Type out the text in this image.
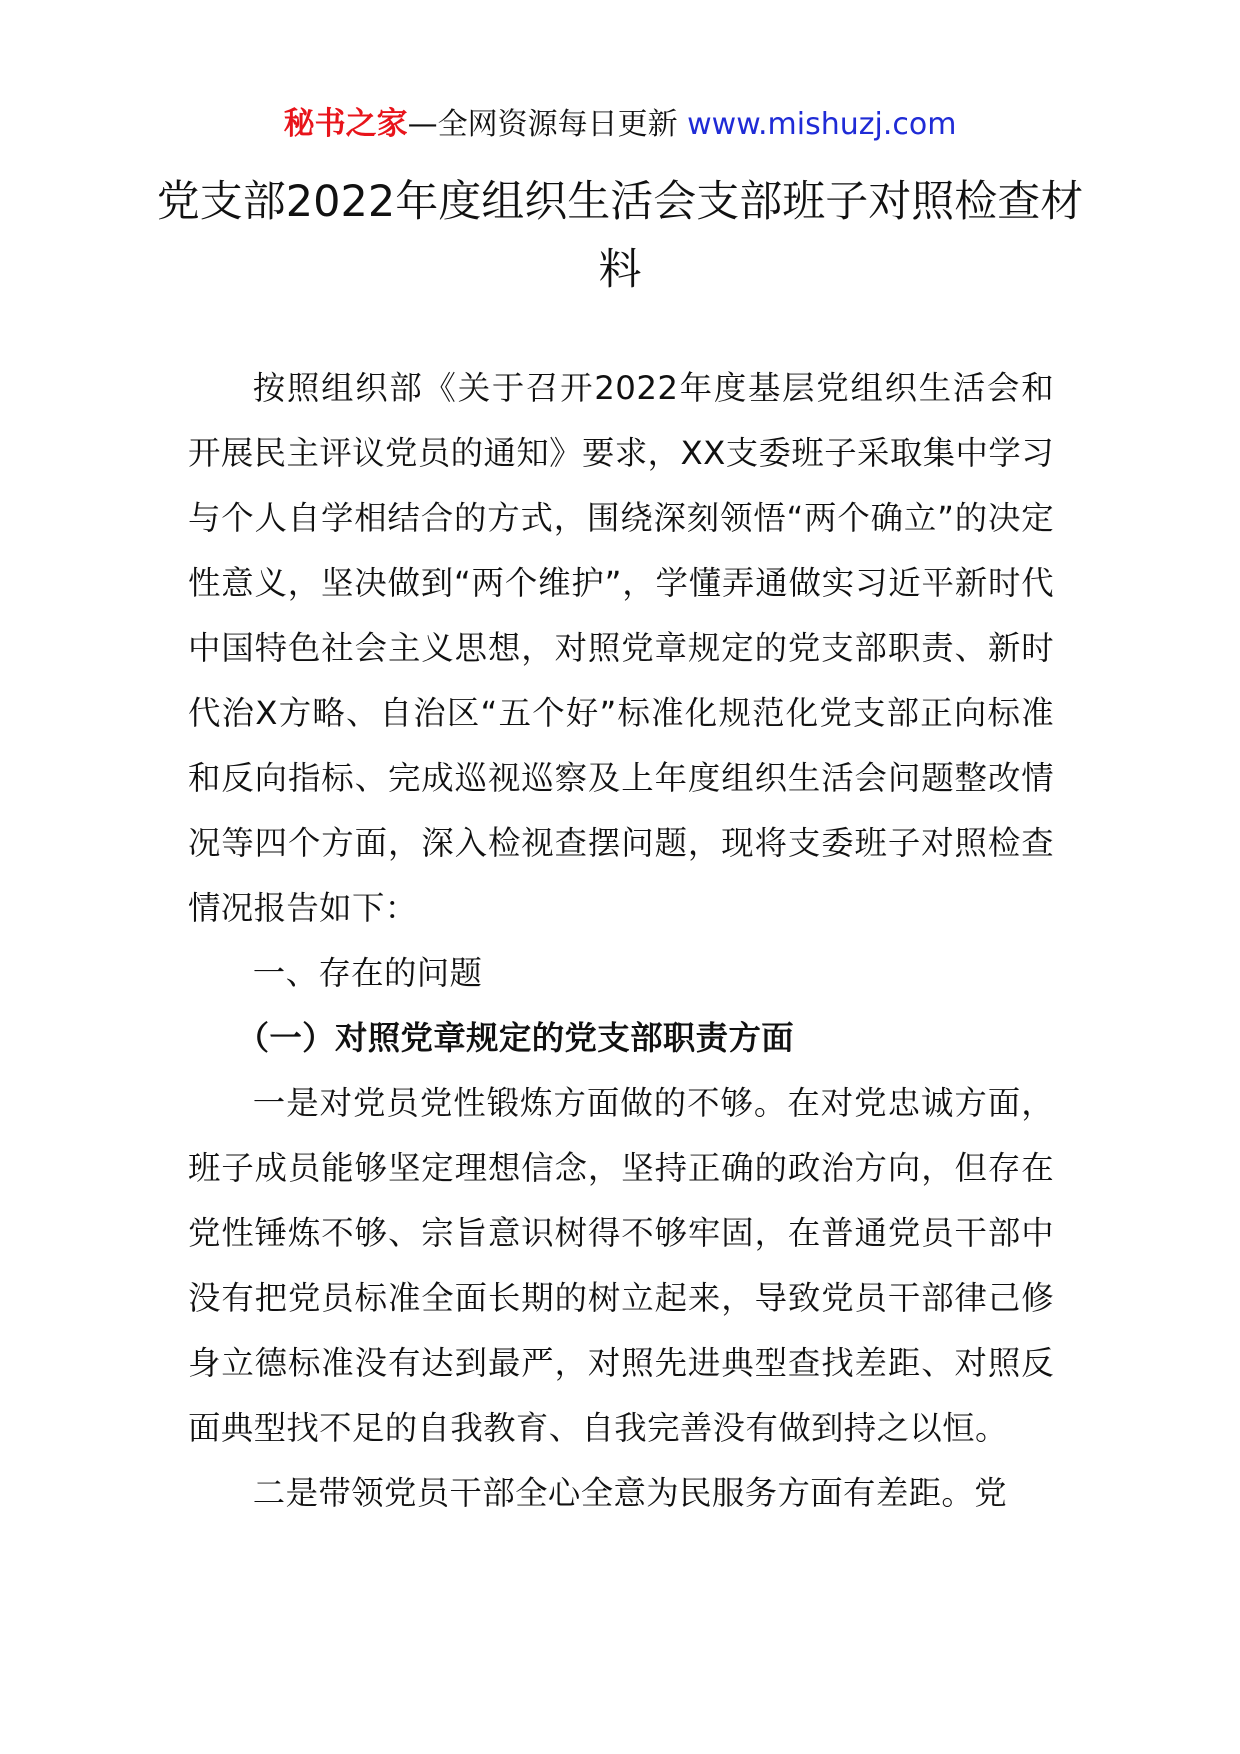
秘书之家—全网资源每日更新 www.mishuzj.com
党支部2022年度组织生活会支部班子对照检查材料

按照组织部《关于召开2022年度基层党组织生活会和开展民主评议党员的通知》要求，XX支委班子采取集中学习与个人自学相结合的方式，围绕深刻领悟“两个确立”的决定性意义，坚决做到“两个维护”，学懂弄通做实习近平新时代中国特色社会主义思想，对照党章规定的党支部职责、新时代治X方略、自治区“五个好”标准化规范化党支部正向标准和反向指标、完成巡视巡察及上年度组织生活会问题整改情况等四个方面，深入检视查摆问题，现将支委班子对照检查情况报告如下：

一、存在的问题

（一）对照党章规定的党支部职责方面

一是对党员党性锻炼方面做的不够。在对党忠诚方面，班子成员能够坚定理想信念，坚持正确的政治方向，但存在党性锤炼不够、宗旨意识树得不够牢固，在普通党员干部中没有把党员标准全面长期的树立起来，导致党员干部律己修身立德标准没有达到最严，对照先进典型查找差距、对照反面典型找不足的自我教育、自我完善没有做到持之以恒。

二是带领党员干部全心全意为民服务方面有差距。党
